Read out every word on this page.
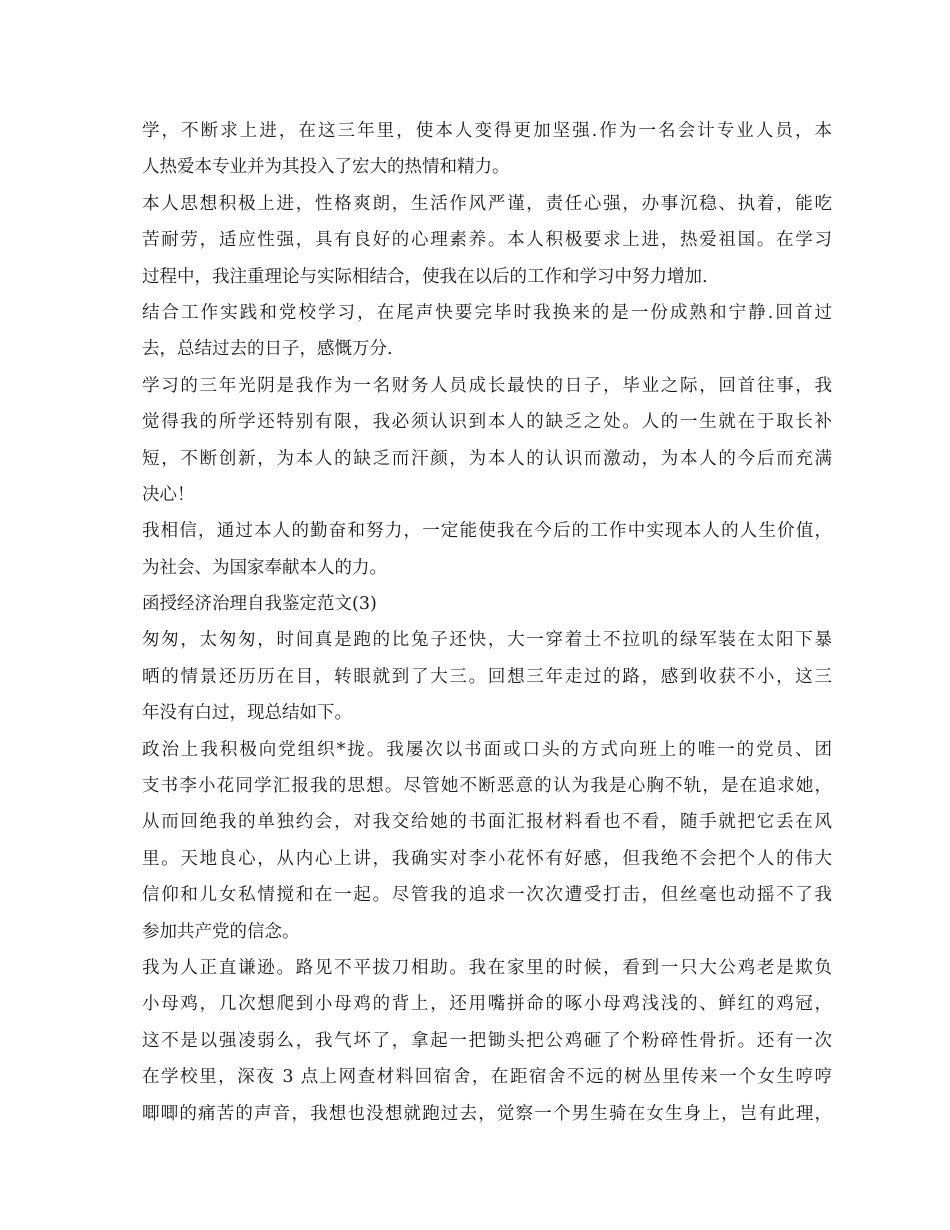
学，不断求上进，在这三年里，使本人变得更加坚强.作为一名会计专业人员，本
人热爱本专业并为其投入了宏大的热情和精力。
本人思想积极上进，性格爽朗，生活作风严谨，责任心强，办事沉稳、执着，能吃
苦耐劳，适应性强，具有良好的心理素养。本人积极要求上进，热爱祖国。在学习
过程中，我注重理论与实际相结合，使我在以后的工作和学习中努力增加.
结合工作实践和党校学习，在尾声快要完毕时我换来的是一份成熟和宁静.回首过
去，总结过去的日子，感慨万分.
学习的三年光阴是我作为一名财务人员成长最快的日子，毕业之际，回首往事，我
觉得我的所学还特别有限，我必须认识到本人的缺乏之处。人的一生就在于取长补
短，不断创新，为本人的缺乏而汗颜，为本人的认识而激动，为本人的今后而充满
决心！
我相信，通过本人的勤奋和努力，一定能使我在今后的工作中实现本人的人生价值，
为社会、为国家奉献本人的力。
函授经济治理自我鉴定范文(3)
匆匆，太匆匆，时间真是跑的比兔子还快，大一穿着土不拉叽的绿军装在太阳下暴
晒的情景还历历在目，转眼就到了大三。回想三年走过的路，感到收获不小，这三
年没有白过，现总结如下。
政治上我积极向党组织*拢。我屡次以书面或口头的方式向班上的唯一的党员、团
支书李小花同学汇报我的思想。尽管她不断恶意的认为我是心胸不轨，是在追求她，
从而回绝我的单独约会，对我交给她的书面汇报材料看也不看，随手就把它丢在风
里。天地良心，从内心上讲，我确实对李小花怀有好感，但我绝不会把个人的伟大
信仰和儿女私情搅和在一起。尽管我的追求一次次遭受打击，但丝毫也动摇不了我
参加共产党的信念。
我为人正直谦逊。路见不平拔刀相助。我在家里的时候，看到一只大公鸡老是欺负
小母鸡，几次想爬到小母鸡的背上，还用嘴拼命的啄小母鸡浅浅的、鲜红的鸡冠，
这不是以强凌弱么，我气坏了，拿起一把锄头把公鸡砸了个粉碎性骨折。还有一次
在学校里，深夜 3 点上网查材料回宿舍，在距宿舍不远的树丛里传来一个女生哼哼
唧唧的痛苦的声音，我想也没想就跑过去，觉察一个男生骑在女生身上，岂有此理，
